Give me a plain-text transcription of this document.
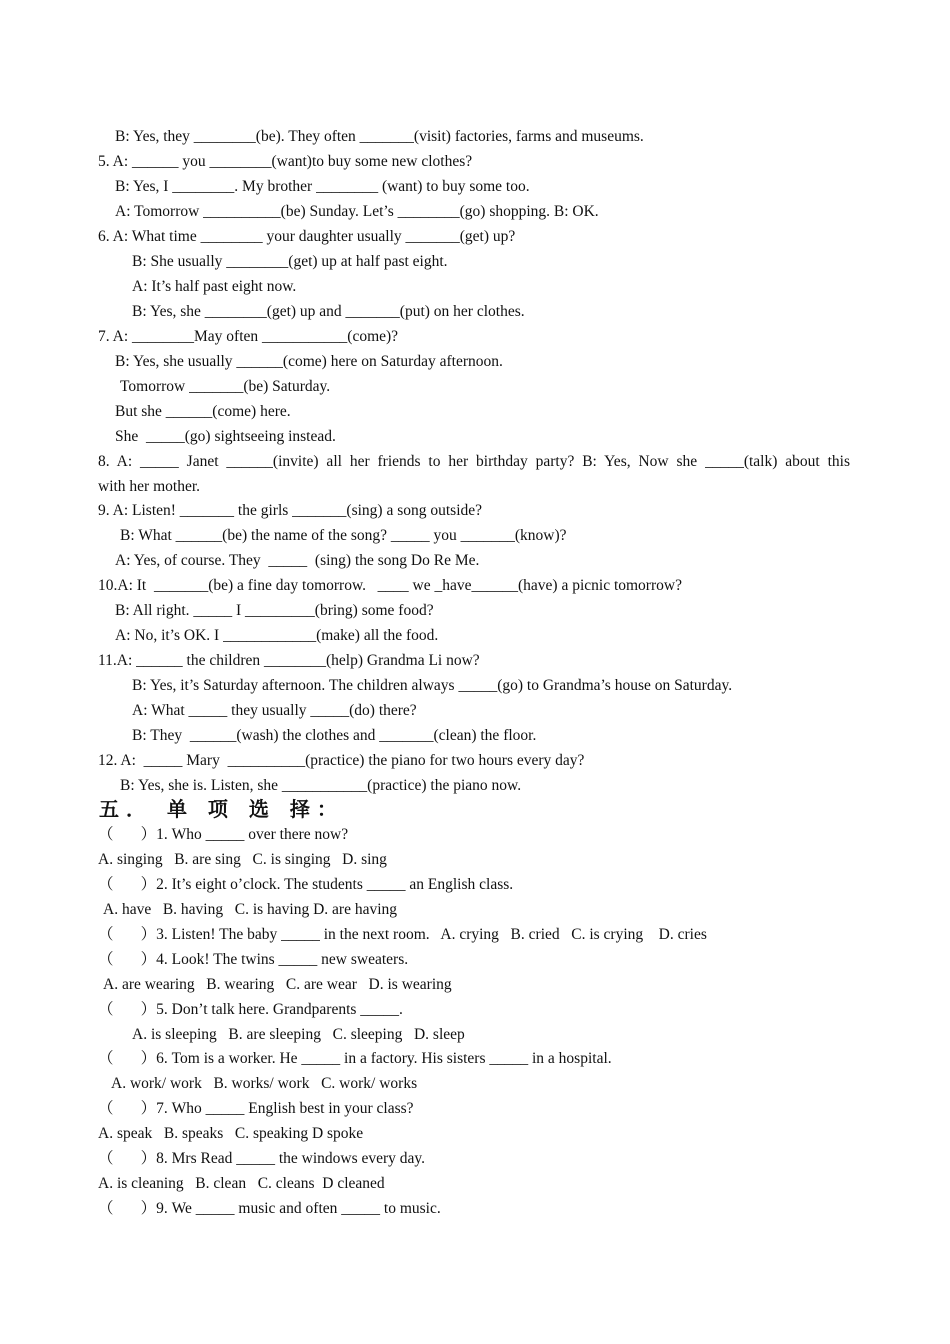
B: Yes, they ________(be). They often _______(visit) factories, farms and museums.

5. A: ______ you ________(want)to buy some new clothes?

B: Yes, I ________. My brother ________ (want) to buy some too.

A: Tomorrow __________(be) Sunday. Let’s ________(go) shopping. B: OK.

6. A: What time ________ your daughter usually _______(get) up?

B: She usually ________(get) up at half past eight.

A: It’s half past eight now.

B: Yes, she ________(get) up and _______(put) on her clothes.

7. A: ________May often ___________(come)?

B: Yes, she usually ______(come) here on Saturday afternoon.

Tomorrow _______(be) Saturday.

But she ______(come) here.

She  _____(go) sightseeing instead.

8. A: _____ Janet ______(invite) all her friends to her birthday party? B: Yes, Now she _____(talk) about this

with her mother.

9. A: Listen! _______ the girls _______(sing) a song outside?

B: What ______(be) the name of the song? _____ you _______(know)?

A: Yes, of course. They  _____  (sing) the song Do Re Me.

10.A: It  _______(be) a fine day tomorrow.   ____ we _have______(have) a picnic tomorrow?

B: All right. _____ I _________(bring) some food?

A: No, it’s OK. I ____________(make) all the food.

11.A: ______ the children ________(help) Grandma Li now?

B: Yes, it’s Saturday afternoon. The children always _____(go) to Grandma’s house on Saturday.

A: What _____ they usually _____(do) there?

B: They  ______(wash) the clothes and _______(clean) the floor.

12. A:  _____ Mary  __________(practice) the piano for two hours every day?

B: Yes, she is. Listen, she ___________(practice) the piano now.

五． 单 项 选 择：

（       ）1. Who _____ over there now?

A. singing   B. are sing   C. is singing   D. sing

（       ）2. It’s eight o’clock. The students _____ an English class.

A. have   B. having   C. is having D. are having

（       ）3. Listen! The baby _____ in the next room.   A. crying   B. cried   C. is crying    D. cries

（       ）4. Look! The twins _____ new sweaters.

A. are wearing   B. wearing   C. are wear   D. is wearing

（       ）5. Don’t talk here. Grandparents _____.

A. is sleeping   B. are sleeping   C. sleeping   D. sleep

（       ）6. Tom is a worker. He _____ in a factory. His sisters _____ in a hospital.

A. work/ work   B. works/ work   C. work/ works

（       ）7. Who _____ English best in your class?

A. speak   B. speaks   C. speaking D spoke

（       ）8. Mrs Read _____ the windows every day.

A. is cleaning   B. clean   C. cleans  D cleaned

（       ）9. We _____ music and often _____ to music.
